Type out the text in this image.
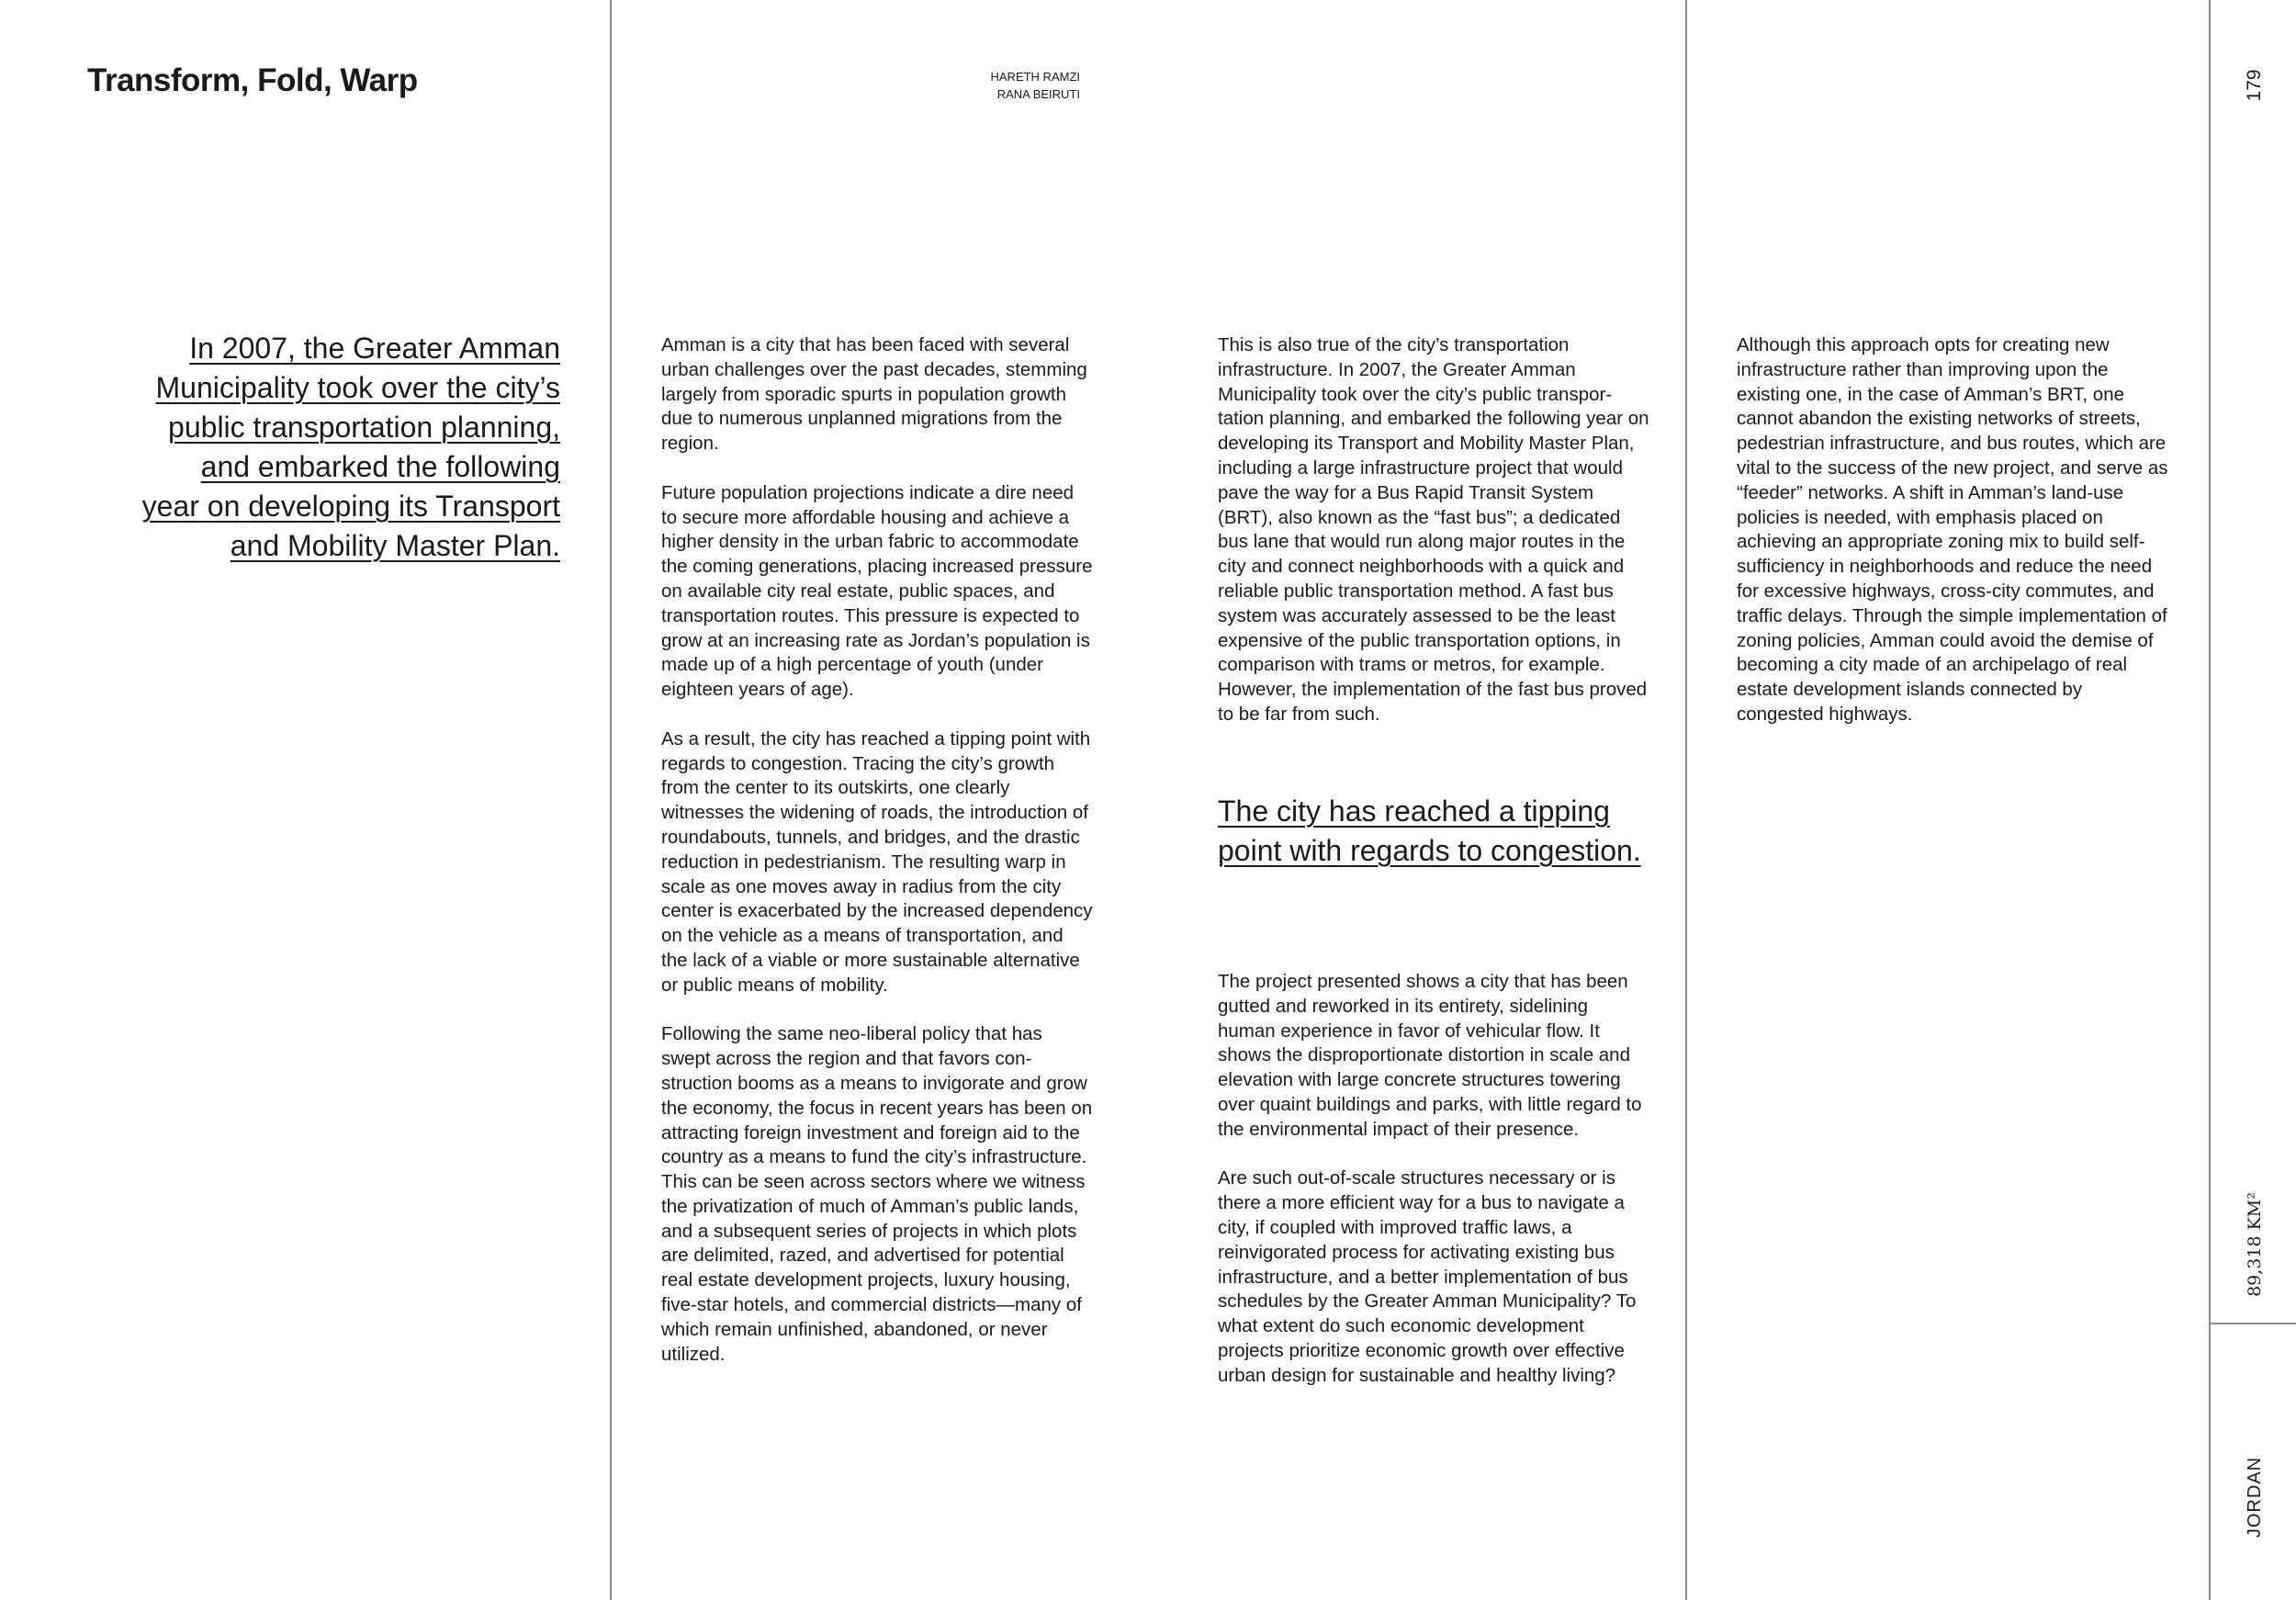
Transform, Fold, Warp	HARETH RAMZI
RANA BEIRUTI

In 2007, the Greater Amman Municipality took over the city’s public transportation planning, and embarked the following year on developing its Transport and Mobility Master Plan.

The city has reached a tipping point with regards to congestion.

Amman is a city that has been faced with several urban challenges over the past decades, stemming largely from sporadic spurts in population growth due to numerous unplanned migrations from the region.

Future population projections indicate a dire need to secure more affordable housing and achieve a higher density in the urban fabric to accommodate the coming generations, placing increased pressure on available city real estate, public spaces, and transportation routes. This pressure is expected to grow at an increasing rate as Jordan’s population is made up of a high percentage of youth (under eighteen years of age).

As a result, the city has reached a tipping point with regards to congestion. Tracing the city’s growth from the center to its outskirts, one clearly witnesses the widening of roads, the introduction of roundabouts, tunnels, and bridges, and the drastic reduction in pedestrianism. The resulting warp in scale as one moves away in radius from the city center is exacerbated by the increased dependency on the vehicle as a means of transportation, and the lack of a viable or more sustainable alternative or public means of mobility.

Following the same neo-liberal policy that has swept across the region and that favors construction booms as a means to invigorate and grow the economy, the focus in recent years has been on attracting foreign investment and foreign aid to the country as a means to fund the city’s infrastructure. This can be seen across sectors where we witness the privatization of much of Amman’s public lands, and a subsequent series of projects in which plots are delimited, razed, and advertised for potential real estate development projects, luxury housing, five-star hotels, and commercial districts—many of which remain unfinished, abandoned, or never utilized.

This is also true of the city’s transportation infrastructure. In 2007, the Greater Amman Municipality took over the city’s public transportation planning, and embarked the following year on developing its Transport and Mobility Master Plan, including a large infrastructure project that would pave the way for a Bus Rapid Transit System (BRT), also known as the “fast bus”; a dedicated bus lane that would run along major routes in the city and connect neighborhoods with a quick and reliable public transportation method. A fast bus system was accurately assessed to be the least expensive of the public transportation options, in comparison with trams or metros, for example. However, the implementation of the fast bus proved to be far from such.

The project presented shows a city that has been gutted and reworked in its entirety, sidelining human experience in favor of vehicular flow. It shows the disproportionate distortion in scale and elevation with large concrete structures towering over quaint buildings and parks, with little regard to the environmental impact of their presence.

Are such out-of-scale structures necessary or is there a more efficient way for a bus to navigate a city, if coupled with improved traffic laws, a reinvigorated process for activating existing bus infrastructure, and a better implementation of bus schedules by the Greater Amman Municipality? To what extent do such economic development projects prioritize economic growth over effective urban design for sustainable and healthy living?

Although this approach opts for creating new infrastructure rather than improving upon the existing one, in the case of Amman’s BRT, one cannot abandon the existing networks of streets, pedestrian infrastructure, and bus routes, which are vital to the success of the new project, and serve as “feeder” networks. A shift in Amman’s land-use policies is needed, with emphasis placed on achieving an appropriate zoning mix to build self-sufficiency in neighborhoods and reduce the need for excessive highways, cross-city commutes, and traffic delays. Through the simple implementation of zoning policies, Amman could avoid the demise of becoming a city made of an archipelago of real estate development islands connected by congested highways.

179
89,318 KM²
JORDAN
